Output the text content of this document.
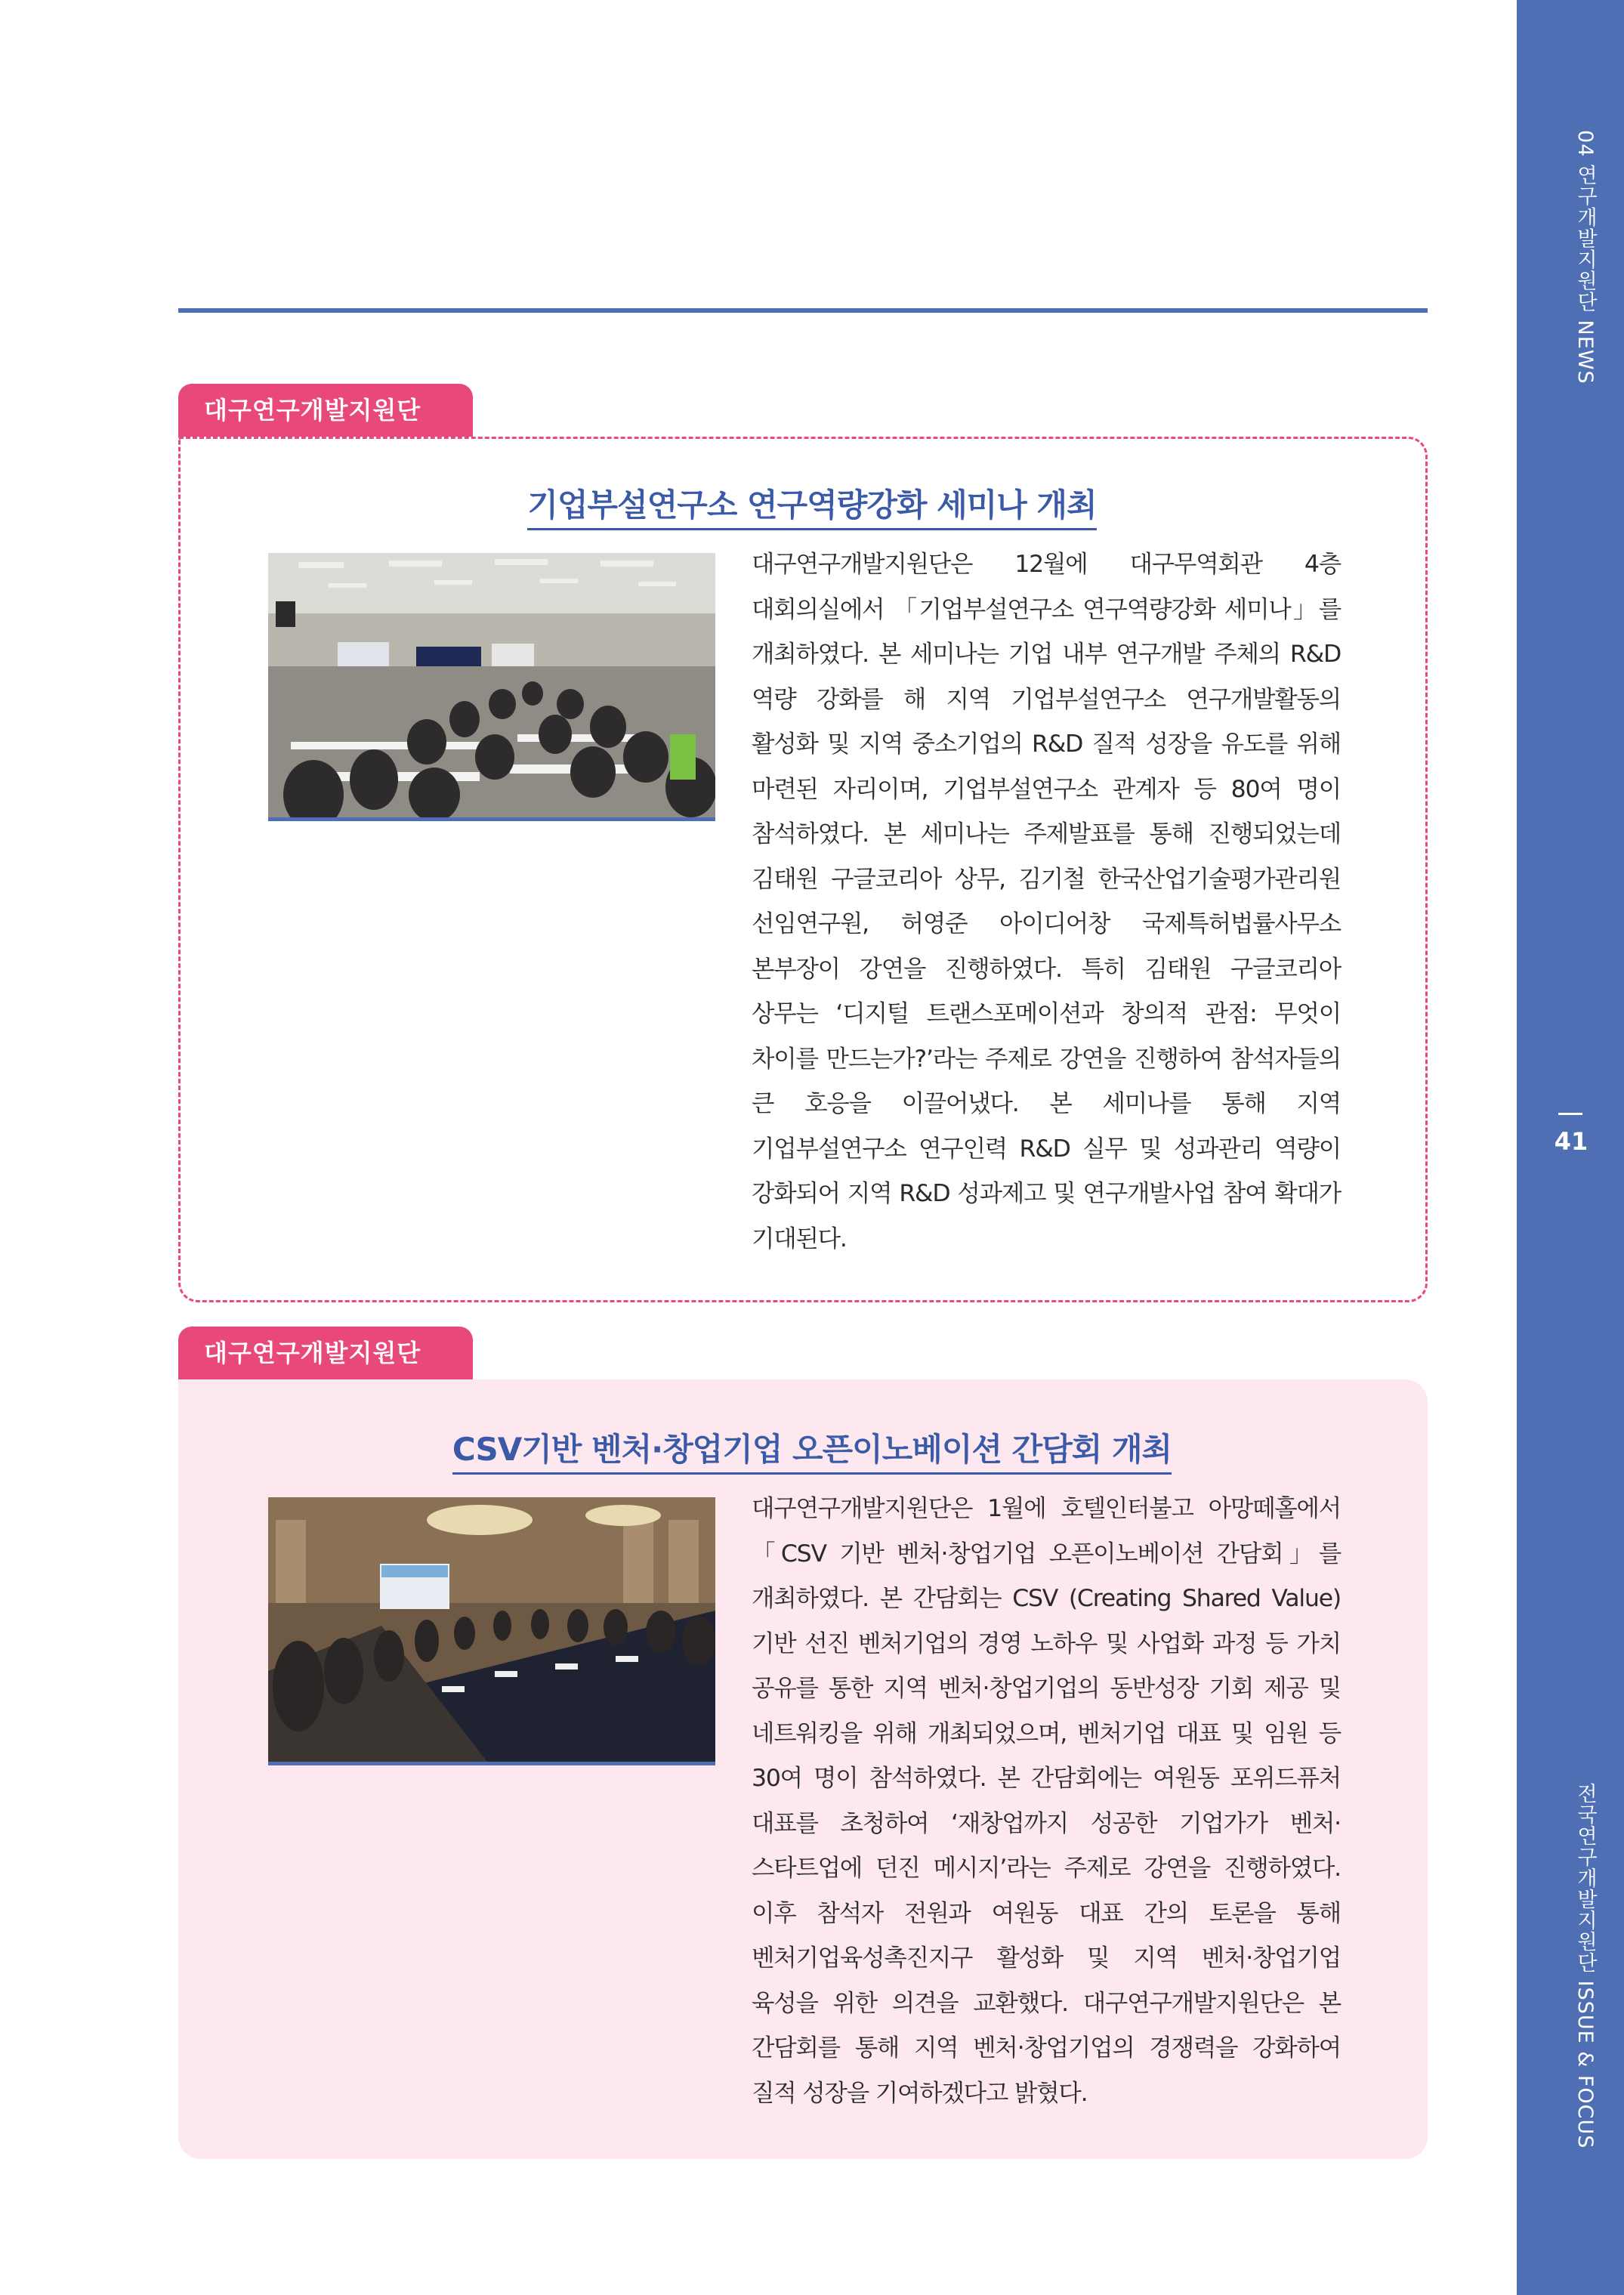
04 연구개발지원단 NEWS
41
전국연구개발지원단 ISSUE & FOCUS
대구연구개발지원단
기업부설연구소 연구역량강화 세미나 개최

대구연구개발지원단은 12월에 대구무역회관 4층 대회의실에서 「기업부설연구소 연구역량강화 세미나」를 개최하였다. 본 세미나는 기업 내부 연구개발 주체의 R&D 역량 강화를 해 지역 기업부설연구소 연구개발활동의 활성화 및 지역 중소기업의 R&D 질적 성장을 유도를 위해 마련된 자리이며, 기업부설연구소 관계자 등 80여 명이 참석하였다. 본 세미나는 주제발표를 통해 진행되었는데 김태원 구글코리아 상무, 김기철 한국산업기술평가관리원 선임연구원, 허영준 아이디어창 국제특허법률사무소 본부장이 강연을 진행하였다. 특히 김태원 구글코리아 상무는 ‘디지털 트랜스포메이션과 창의적 관점: 무엇이 차이를 만드는가?’라는 주제로 강연을 진행하여 참석자들의 큰 호응을 이끌어냈다. 본 세미나를 통해 지역 기업부설연구소 연구인력 R&D 실무 및 성과관리 역량이 강화되어 지역 R&D 성과제고 및 연구개발사업 참여 확대가 기대된다.

대구연구개발지원단
CSV기반 벤처·창업기업 오픈이노베이션 간담회 개최

대구연구개발지원단은 1월에 호텔인터불고 아망떼홀에서 「CSV 기반 벤처·창업기업 오픈이노베이션 간담회」를 개최하였다. 본 간담회는 CSV (Creating Shared Value) 기반 선진 벤처기업의 경영 노하우 및 사업화 과정 등 가치 공유를 통한 지역 벤처·창업기업의 동반성장 기회 제공 및 네트워킹을 위해 개최되었으며, 벤처기업 대표 및 임원 등 30여 명이 참석하였다. 본 간담회에는 여원동 포위드퓨처 대표를 초청하여 ‘재창업까지 성공한 기업가가 벤처·스타트업에 던진 메시지’라는 주제로 강연을 진행하였다. 이후 참석자 전원과 여원동 대표 간의 토론을 통해 벤처기업육성촉진지구 활성화 및 지역 벤처·창업기업 육성을 위한 의견을 교환했다. 대구연구개발지원단은 본 간담회를 통해 지역 벤처·창업기업의 경쟁력을 강화하여 질적 성장을 기여하겠다고 밝혔다.
